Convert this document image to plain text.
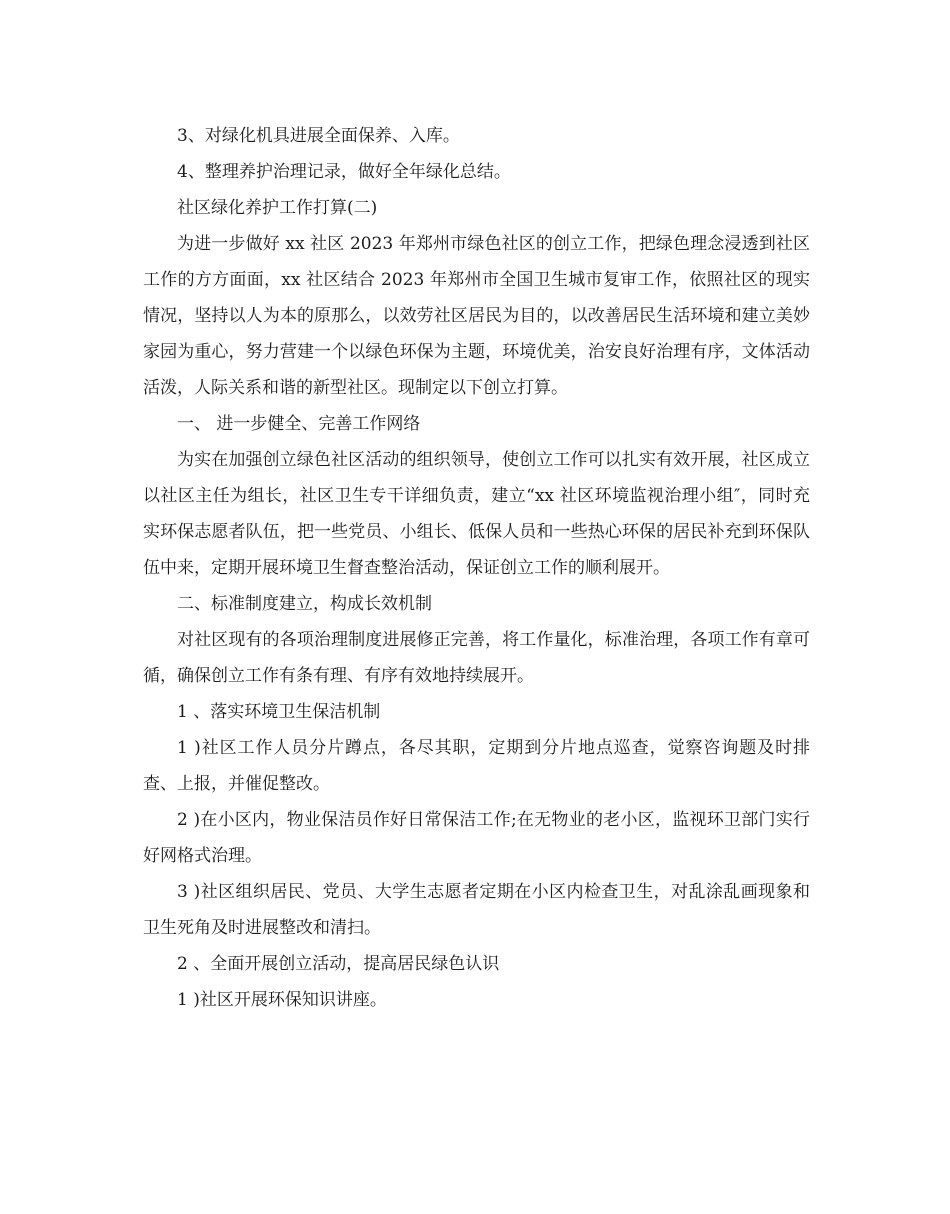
3、对绿化机具进展全面保养、入库。

4、整理养护治理记录，做好全年绿化总结。

社区绿化养护工作打算(二)

为进一步做好 xx 社区 2023 年郑州市绿色社区的创立工作，把绿色理念浸透到社区工作的方方面面，xx 社区结合 2023 年郑州市全国卫生城市复审工作，依照社区的现实情况，坚持以人为本的原那么，以效劳社区居民为目的，以改善居民生活环境和建立美妙家园为重心，努力营建一个以绿色环保为主题，环境优美，治安良好治理有序，文体活动活泼，人际关系和谐的新型社区。现制定以下创立打算。

一、 进一步健全、完善工作网络

为实在加强创立绿色社区活动的组织领导，使创立工作可以扎实有效开展，社区成立以社区主任为组长，社区卫生专干详细负责，建立“xx 社区环境监视治理小组″，同时充实环保志愿者队伍，把一些党员、小组长、低保人员和一些热心环保的居民补充到环保队伍中来，定期开展环境卫生督查整治活动，保证创立工作的顺利展开。

二、标准制度建立，构成长效机制

对社区现有的各项治理制度进展修正完善，将工作量化，标准治理，各项工作有章可循，确保创立工作有条有理、有序有效地持续展开。

1 、落实环境卫生保洁机制

1 )社区工作人员分片蹲点，各尽其职，定期到分片地点巡查，觉察咨询题及时排查、上报，并催促整改。

2 )在小区内，物业保洁员作好日常保洁工作;在无物业的老小区，监视环卫部门实行好网格式治理。

3 )社区组织居民、党员、大学生志愿者定期在小区内检查卫生，对乱涂乱画现象和卫生死角及时进展整改和清扫。

2 、全面开展创立活动，提高居民绿色认识

1 )社区开展环保知识讲座。
